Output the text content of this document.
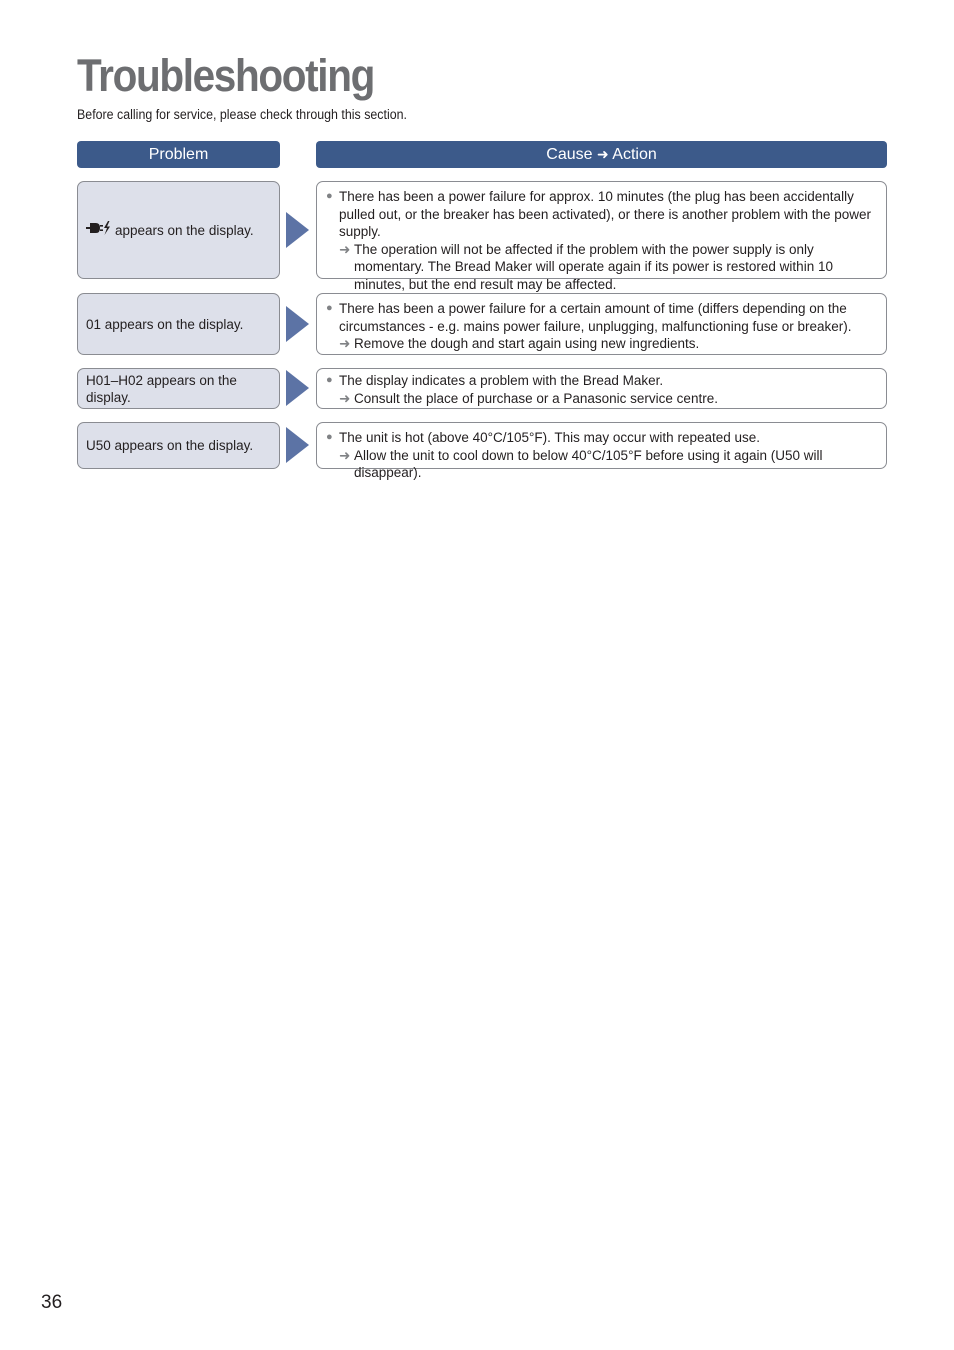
Troubleshooting
Before calling for service, please check through this section.
Problem	Cause ➜ Action
appears on the display.
● There has been a power failure for approx. 10 minutes (the plug has been accidentally pulled out, or the breaker has been activated), or there is another problem with the power supply.
➜ The operation will not be affected if the problem with the power supply is only momentary. The Bread Maker will operate again if its power is restored within 10 minutes, but the end result may be affected.
01 appears on the display.
● There has been a power failure for a certain amount of time (differs depending on the circumstances - e.g. mains power failure, unplugging, malfunctioning fuse or breaker).
➜ Remove the dough and start again using new ingredients.
H01–H02 appears on the display.
● The display indicates a problem with the Bread Maker.
➜ Consult the place of purchase or a Panasonic service centre.
U50 appears on the display.
● The unit is hot (above 40°C/105°F). This may occur with repeated use.
➜ Allow the unit to cool down to below 40°C/105°F before using it again (U50 will disappear).
36
